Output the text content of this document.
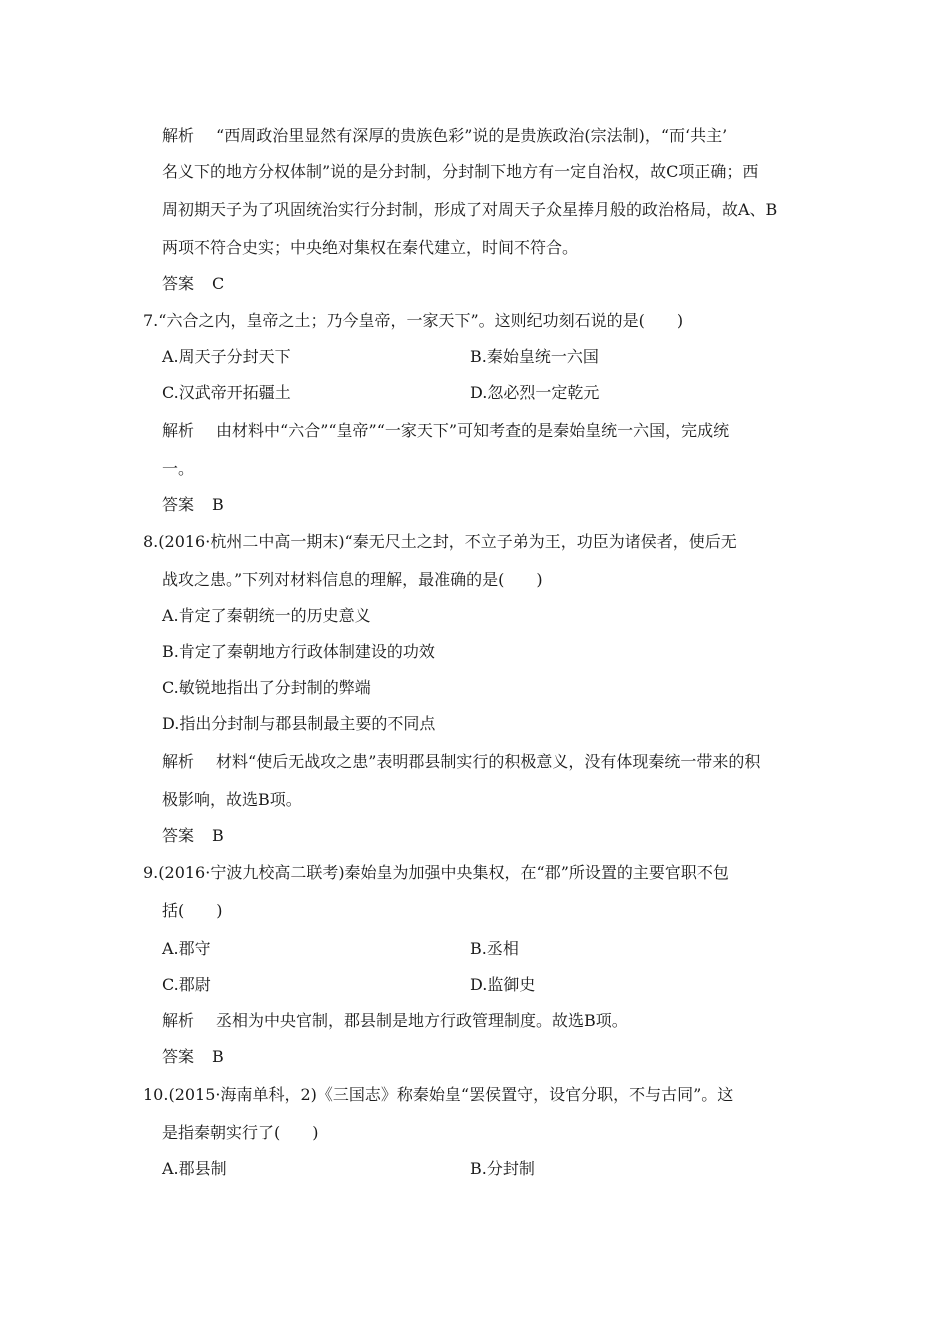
解析 “西周政治里显然有深厚的贵族色彩”说的是贵族政治(宗法制)，“而‘共主’
名义下的地方分权体制”说的是分封制，分封制下地方有一定自治权，故C项正确；西
周初期天子为了巩固统治实行分封制，形成了对周天子众星捧月般的政治格局，故A、B
两项不符合史实；中央绝对集权在秦代建立，时间不符合。
答案 C
7.“六合之内，皇帝之土；乃今皇帝，一家天下”。这则纪功刻石说的是(　　)
A.周天子分封天下	B.秦始皇统一六国
C.汉武帝开拓疆土	D.忽必烈一定乾元
解析 由材料中“六合”“皇帝”“一家天下”可知考查的是秦始皇统一六国，完成统
一。
答案 B
8.(2016·杭州二中高一期末)“秦无尺土之封，不立子弟为王，功臣为诸侯者，使后无
战攻之患。”下列对材料信息的理解，最准确的是(　　)
A.肯定了秦朝统一的历史意义
B.肯定了秦朝地方行政体制建设的功效
C.敏锐地指出了分封制的弊端
D.指出分封制与郡县制最主要的不同点
解析 材料“使后无战攻之患”表明郡县制实行的积极意义，没有体现秦统一带来的积
极影响，故选B项。
答案 B
9.(2016·宁波九校高二联考)秦始皇为加强中央集权，在“郡”所设置的主要官职不包
括(　　)
A.郡守	B.丞相
C.郡尉	D.监御史
解析 丞相为中央官制，郡县制是地方行政管理制度。故选B项。
答案 B
10.(2015·海南单科，2)《三国志》称秦始皇“罢侯置守，设官分职，不与古同”。这
是指秦朝实行了(　　)
A.郡县制	B.分封制
